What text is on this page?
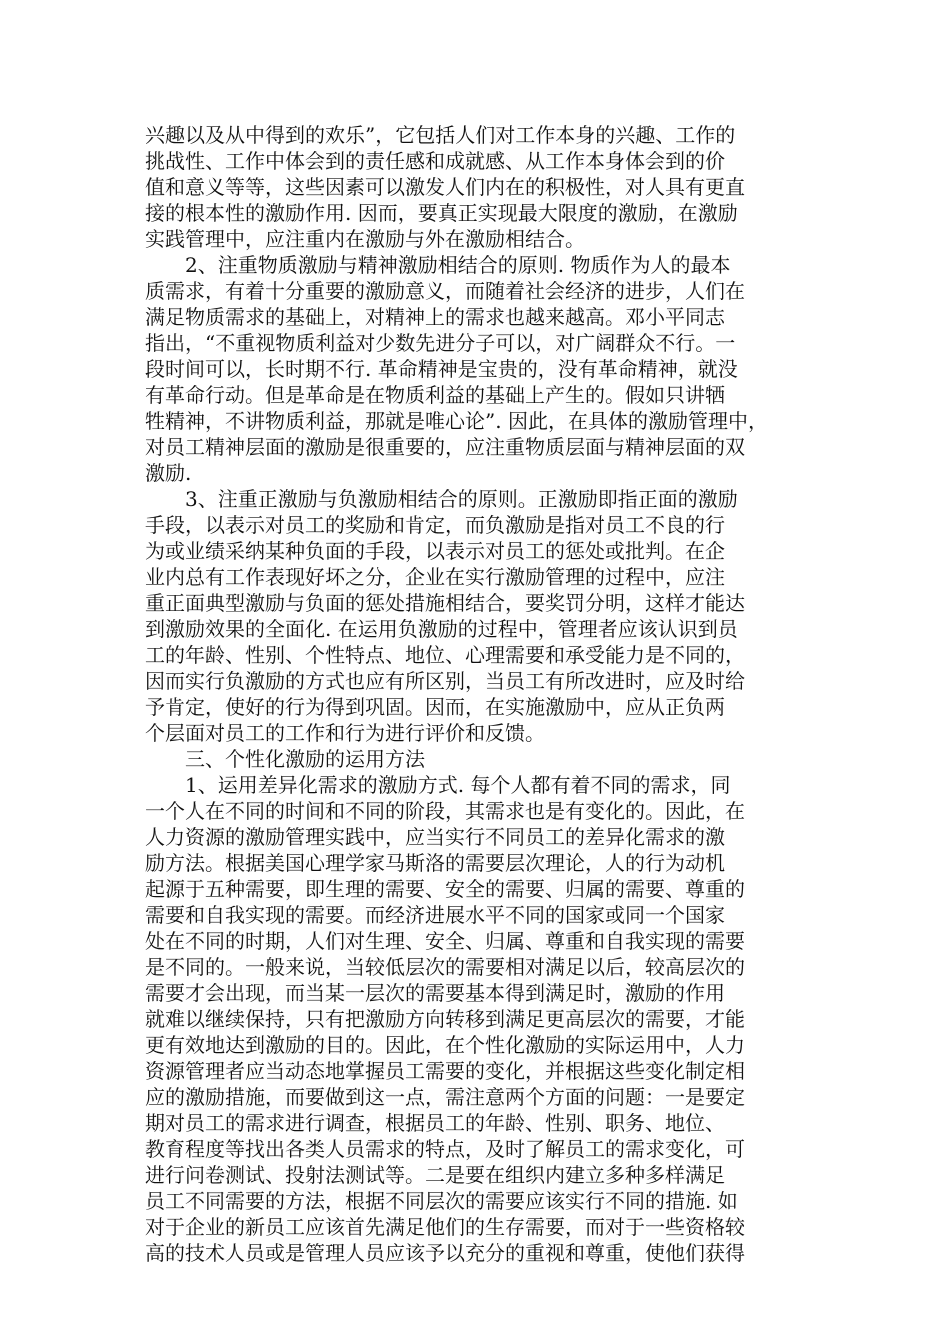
兴趣以及从中得到的欢乐”，它包括人们对工作本身的兴趣、工作的
挑战性、工作中体会到的责任感和成就感、从工作本身体会到的价
值和意义等等，这些因素可以激发人们内在的积极性，对人具有更直
接的根本性的激励作用. 因而，要真正实现最大限度的激励，在激励
实践管理中，应注重内在激励与外在激励相结合。
　　2、注重物质激励与精神激励相结合的原则. 物质作为人的最本
质需求，有着十分重要的激励意义，而随着社会经济的进步，人们在
满足物质需求的基础上，对精神上的需求也越来越高。邓小平同志
指出，“不重视物质利益对少数先进分子可以，对广阔群众不行。一
段时间可以，长时期不行. 革命精神是宝贵的，没有革命精神，就没
有革命行动。但是革命是在物质利益的基础上产生的。假如只讲牺
牲精神，不讲物质利益，那就是唯心论”. 因此，在具体的激励管理中，
对员工精神层面的激励是很重要的，应注重物质层面与精神层面的双
激励.
　　3、注重正激励与负激励相结合的原则。正激励即指正面的激励
手段，以表示对员工的奖励和肯定，而负激励是指对员工不良的行
为或业绩采纳某种负面的手段，以表示对员工的惩处或批判。在企
业内总有工作表现好坏之分，企业在实行激励管理的过程中，应注
重正面典型激励与负面的惩处措施相结合，要奖罚分明，这样才能达
到激励效果的全面化. 在运用负激励的过程中，管理者应该认识到员
工的年龄、性别、个性特点、地位、心理需要和承受能力是不同的，
因而实行负激励的方式也应有所区别，当员工有所改进时，应及时给
予肯定，使好的行为得到巩固。因而，在实施激励中，应从正负两
个层面对员工的工作和行为进行评价和反馈。
　　三、个性化激励的运用方法
　　1、运用差异化需求的激励方式. 每个人都有着不同的需求，同
一个人在不同的时间和不同的阶段，其需求也是有变化的。因此，在
人力资源的激励管理实践中，应当实行不同员工的差异化需求的激
励方法。根据美国心理学家马斯洛的需要层次理论，人的行为动机
起源于五种需要，即生理的需要、安全的需要、归属的需要、尊重的
需要和自我实现的需要。而经济进展水平不同的国家或同一个国家
处在不同的时期，人们对生理、安全、归属、尊重和自我实现的需要
是不同的。一般来说，当较低层次的需要相对满足以后，较高层次的
需要才会出现，而当某一层次的需要基本得到满足时，激励的作用
就难以继续保持，只有把激励方向转移到满足更高层次的需要，才能
更有效地达到激励的目的。因此，在个性化激励的实际运用中，人力
资源管理者应当动态地掌握员工需要的变化，并根据这些变化制定相
应的激励措施，而要做到这一点，需注意两个方面的问题：一是要定
期对员工的需求进行调查，根据员工的年龄、性别、职务、地位、
教育程度等找出各类人员需求的特点，及时了解员工的需求变化，可
进行问卷测试、投射法测试等。二是要在组织内建立多种多样满足
员工不同需要的方法，根据不同层次的需要应该实行不同的措施. 如
对于企业的新员工应该首先满足他们的生存需要，而对于一些资格较
高的技术人员或是管理人员应该予以充分的重视和尊重，使他们获得
